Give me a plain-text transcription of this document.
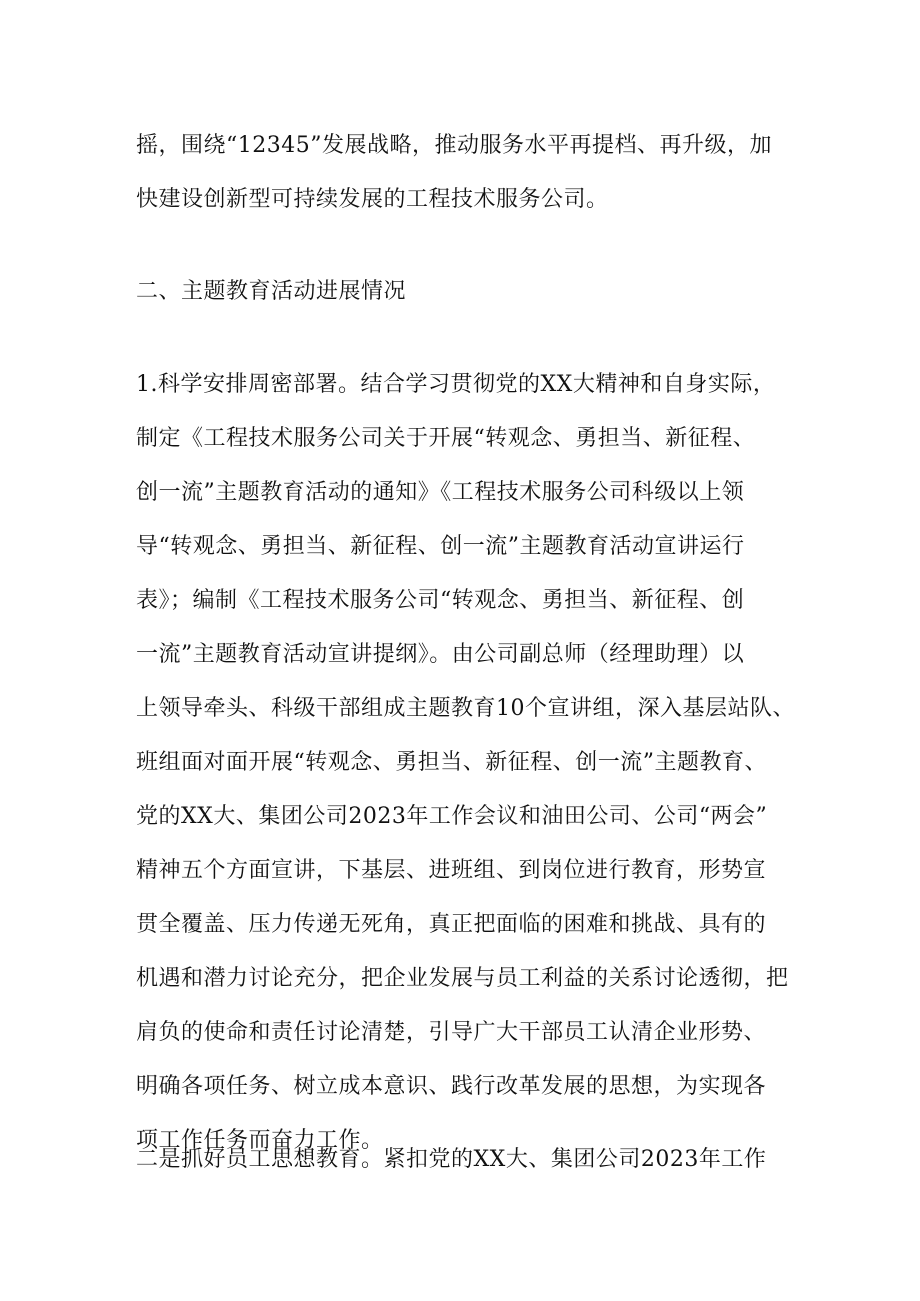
摇，围绕“12345”发展战略，推动服务水平再提档、再升级，加
快建设创新型可持续发展的工程技术服务公司。
二、主题教育活动进展情况
1.科学安排周密部署。结合学习贯彻党的XX大精神和自身实际，
制定《工程技术服务公司关于开展“转观念、勇担当、新征程、
创一流”主题教育活动的通知》《工程技术服务公司科级以上领
导“转观念、勇担当、新征程、创一流”主题教育活动宣讲运行
表》；编制《工程技术服务公司“转观念、勇担当、新征程、创
一流”主题教育活动宣讲提纲》。由公司副总师（经理助理）以
上领导牵头、科级干部组成主题教育10个宣讲组，深入基层站队、
班组面对面开展“转观念、勇担当、新征程、创一流”主题教育、
党的XX大、集团公司2023年工作会议和油田公司、公司“两会”
精神五个方面宣讲，下基层、进班组、到岗位进行教育，形势宣
贯全覆盖、压力传递无死角，真正把面临的困难和挑战、具有的
机遇和潜力讨论充分，把企业发展与员工利益的关系讨论透彻，把
肩负的使命和责任讨论清楚，引导广大干部员工认清企业形势、
明确各项任务、树立成本意识、践行改革发展的思想，为实现各
项工作任务而奋力工作。
二是抓好员工思想教育。紧扣党的XX大、集团公司2023年工作
